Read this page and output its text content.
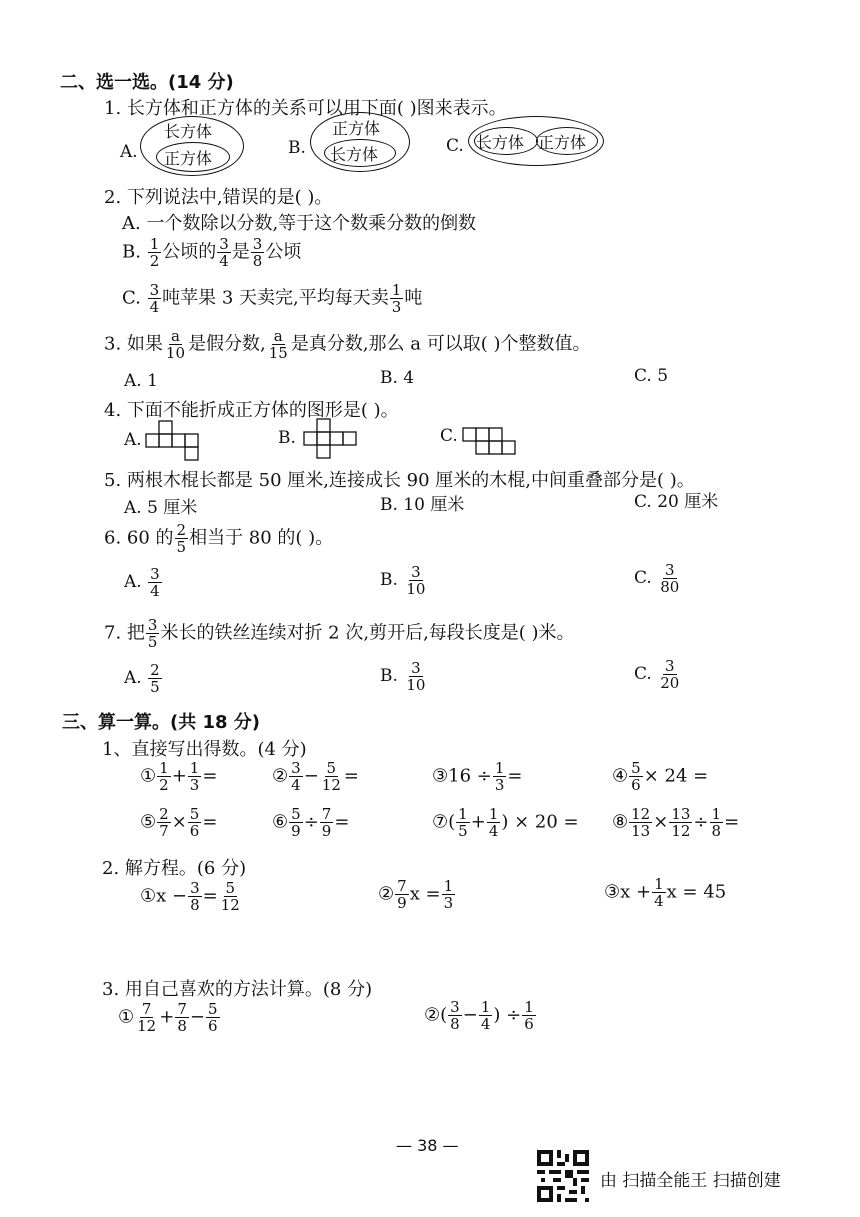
二、选一选。(14 分)
1. 长方体和正方体的关系可以用下面( )图来表示。
A.
长方体
正方体
B.
正方体
长方体	C. 长方体 正方体
2. 下列说法中,错误的是( )。
A. 一个数除以分数,等于这个数乘分数的倒数
B. $\frac{1}{2}$ 公顷的 $\frac{3}{4}$ 是 $\frac{3}{8}$ 公顷
C. $\frac{3}{4}$ 吨苹果 3 天卖完,平均每天卖 $\frac{1}{3}$ 吨
3. 如果 $\frac{a}{10}$ 是假分数, $\frac{a}{15}$ 是真分数,那么 a 可以取( )个整数值。
A. 1	B. 4	C. 5
4. 下面不能折成正方体的图形是( )。
A.	B.	C.
5. 两根木棍长都是 50 厘米,连接成长 90 厘米的木棍,中间重叠部分是( )。
A. 5 厘米	B. 10 厘米	C. 20 厘米
6. 60 的 $\frac{2}{5}$ 相当于 80 的( )。
A. $\frac{3}{4}$	B. $\frac{3}{10}$	C. $\frac{3}{80}$
7. 把 $\frac{3}{5}$ 米长的铁丝连续对折 2 次,剪开后,每段长度是( )米。
A. $\frac{2}{5}$	B. $\frac{3}{10}$	C. $\frac{3}{20}$
三、算一算。(共 18 分)
1、直接写出得数。(4 分)
① $\frac{1}{2} + \frac{1}{3}$ =	② $\frac{3}{4} - \frac{5}{12}$ =	③16 ÷ $\frac{1}{3}$ =	④ $\frac{5}{6} \times 24$ =
⑤ $\frac{2}{7} \times \frac{5}{6}$ =	⑥ $\frac{5}{9} \div \frac{7}{9}$ =	⑦( $\frac{1}{5} + \frac{1}{4}$ ) × 20 = ⑧ $\frac{12}{13} \times \frac{13}{12} \div \frac{1}{8}$ =
2. 解方程。(6 分)
①x − $\frac{3}{8} = \frac{5}{12}$	② $\frac{7}{9}$ $x = \frac{1}{3}$	③x + $\frac{1}{4}$ x = 45
3. 用自己喜欢的方法计算。(8 分)
① $\frac{7}{12} + \frac{7}{8} - \frac{5}{6}$	②( $\frac{3}{8} - \frac{1}{4}$ ) ÷ $\frac{1}{6}$
— 38 —
由 扫描全能王 扫描创建
